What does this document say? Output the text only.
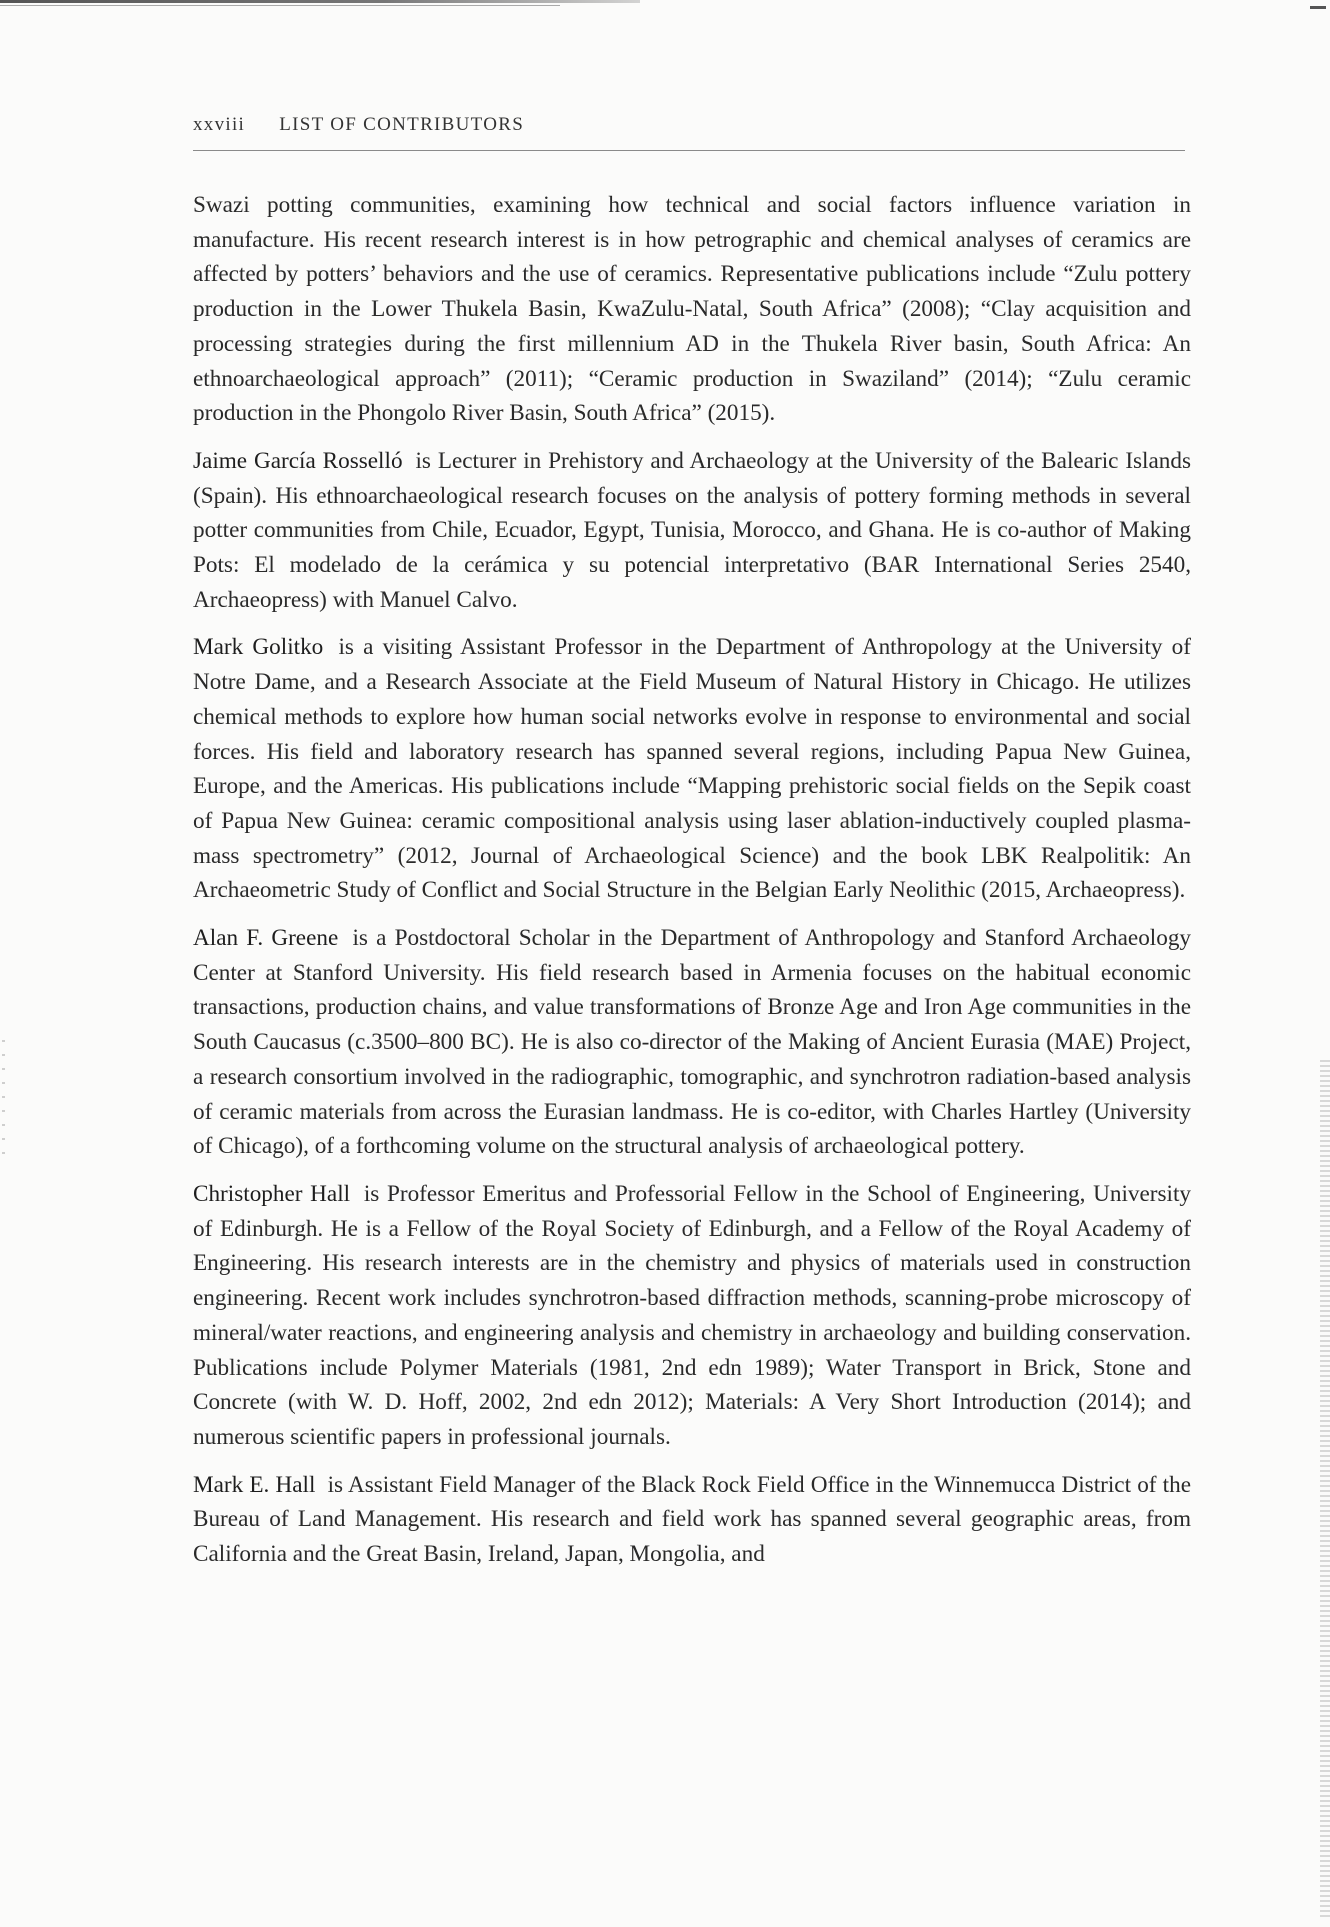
xxviii LIST OF CONTRIBUTORS

Swazi potting communities, examining how technical and social factors influence variation in manufacture. His recent research interest is in how petrographic and chemical analyses of ceramics are affected by potters’ behaviors and the use of ceramics. Representative publications include “Zulu pottery production in the Lower Thukela Basin, KwaZulu-Natal, South Africa” (2008); “Clay acquisition and processing strategies during the first millennium AD in the Thukela River basin, South Africa: An ethnoarchaeological approach” (2011); “Ceramic production in Swaziland” (2014); “Zulu ceramic production in the Phongolo River Basin, South Africa” (2015).

Jaime García Rosselló is Lecturer in Prehistory and Archaeology at the University of the Balearic Islands (Spain). His ethnoarchaeological research focuses on the analysis of pottery forming methods in several potter communities from Chile, Ecuador, Egypt, Tunisia, Morocco, and Ghana. He is co-author of Making Pots: El modelado de la cerámica y su potencial interpretativo (BAR International Series 2540, Archaeopress) with Manuel Calvo.

Mark Golitko is a visiting Assistant Professor in the Department of Anthropology at the University of Notre Dame, and a Research Associate at the Field Museum of Natural History in Chicago. He utilizes chemical methods to explore how human social networks evolve in response to environmental and social forces. His field and laboratory research has spanned several regions, including Papua New Guinea, Europe, and the Americas. His publications include “Mapping prehistoric social fields on the Sepik coast of Papua New Guinea: ceramic compositional analysis using laser ablation-inductively coupled plasma-mass spectrometry” (2012, Journal of Archaeological Science) and the book LBK Realpolitik: An Archaeometric Study of Conflict and Social Structure in the Belgian Early Neolithic (2015, Archaeopress).

Alan F. Greene is a Postdoctoral Scholar in the Department of Anthropology and Stanford Archaeology Center at Stanford University. His field research based in Armenia focuses on the habitual economic transactions, production chains, and value transformations of Bronze Age and Iron Age communities in the South Caucasus (c.3500–800 BC). He is also co-director of the Making of Ancient Eurasia (MAE) Project, a research consortium involved in the radiographic, tomographic, and synchrotron radiation-based analysis of ceramic materials from across the Eurasian landmass. He is co-editor, with Charles Hartley (University of Chicago), of a forthcoming volume on the structural analysis of archaeological pottery.

Christopher Hall is Professor Emeritus and Professorial Fellow in the School of Engineering, University of Edinburgh. He is a Fellow of the Royal Society of Edinburgh, and a Fellow of the Royal Academy of Engineering. His research interests are in the chemistry and physics of materials used in construction engineering. Recent work includes synchrotron-based diffraction methods, scanning-probe microscopy of mineral/water reactions, and engineering analysis and chemistry in archaeology and building conservation. Publications include Polymer Materials (1981, 2nd edn 1989); Water Transport in Brick, Stone and Concrete (with W. D. Hoff, 2002, 2nd edn 2012); Materials: A Very Short Introduction (2014); and numerous scientific papers in professional journals.

Mark E. Hall is Assistant Field Manager of the Black Rock Field Office in the Winnemucca District of the Bureau of Land Management. His research and field work has spanned several geographic areas, from California and the Great Basin, Ireland, Japan, Mongolia, and
